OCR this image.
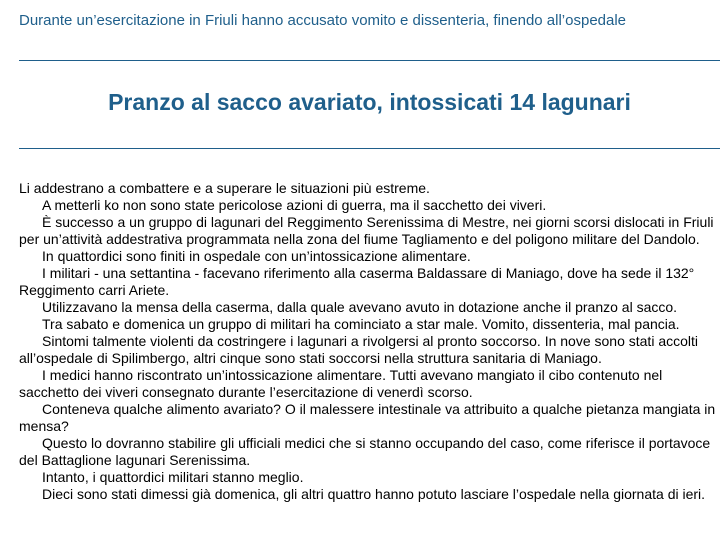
Durante un’esercitazione in Friuli hanno accusato vomito e dissenteria, finendo all’ospedale
Pranzo al sacco avariato, intossicati 14 lagunari

Li addestrano a combattere e a superare le situazioni più estreme.

A metterli ko non sono state pericolose azioni di guerra, ma il sacchetto dei viveri.

È successo a un gruppo di lagunari del Reggimento Serenissima di Mestre, nei giorni scorsi dislocati in Friuli per un’attività addestrativa programmata nella zona del fiume Tagliamento e del poligono militare del Dandolo.

In quattordici sono finiti in ospedale con un’intossicazione alimentare.

I militari - una settantina - facevano riferimento alla caserma Baldassare di Maniago, dove ha sede il 132° Reggimento carri Ariete.

Utilizzavano la mensa della caserma, dalla quale avevano avuto in dotazione anche il pranzo al sacco.

Tra sabato e domenica un gruppo di militari ha cominciato a star male. Vomito, dissenteria, mal pancia.

Sintomi talmente violenti da costringere i lagunari a rivolgersi al pronto soccorso. In nove sono stati accolti all’ospedale di Spilimbergo, altri cinque sono stati soccorsi nella struttura sanitaria di Maniago.

I medici hanno riscontrato un’intossicazione alimentare. Tutti avevano mangiato il cibo contenuto nel sacchetto dei viveri consegnato durante l’esercitazione di venerdì scorso.

Conteneva qualche alimento avariato? O il malessere intestinale va attribuito a qualche pietanza mangiata in mensa?

Questo lo dovranno stabilire gli ufficiali medici che si stanno occupando del caso, come riferisce il portavoce del Battaglione lagunari Serenissima.

Intanto, i quattordici militari stanno meglio.

Dieci sono stati dimessi già domenica, gli altri quattro hanno potuto lasciare l’ospedale nella giornata di ieri.
